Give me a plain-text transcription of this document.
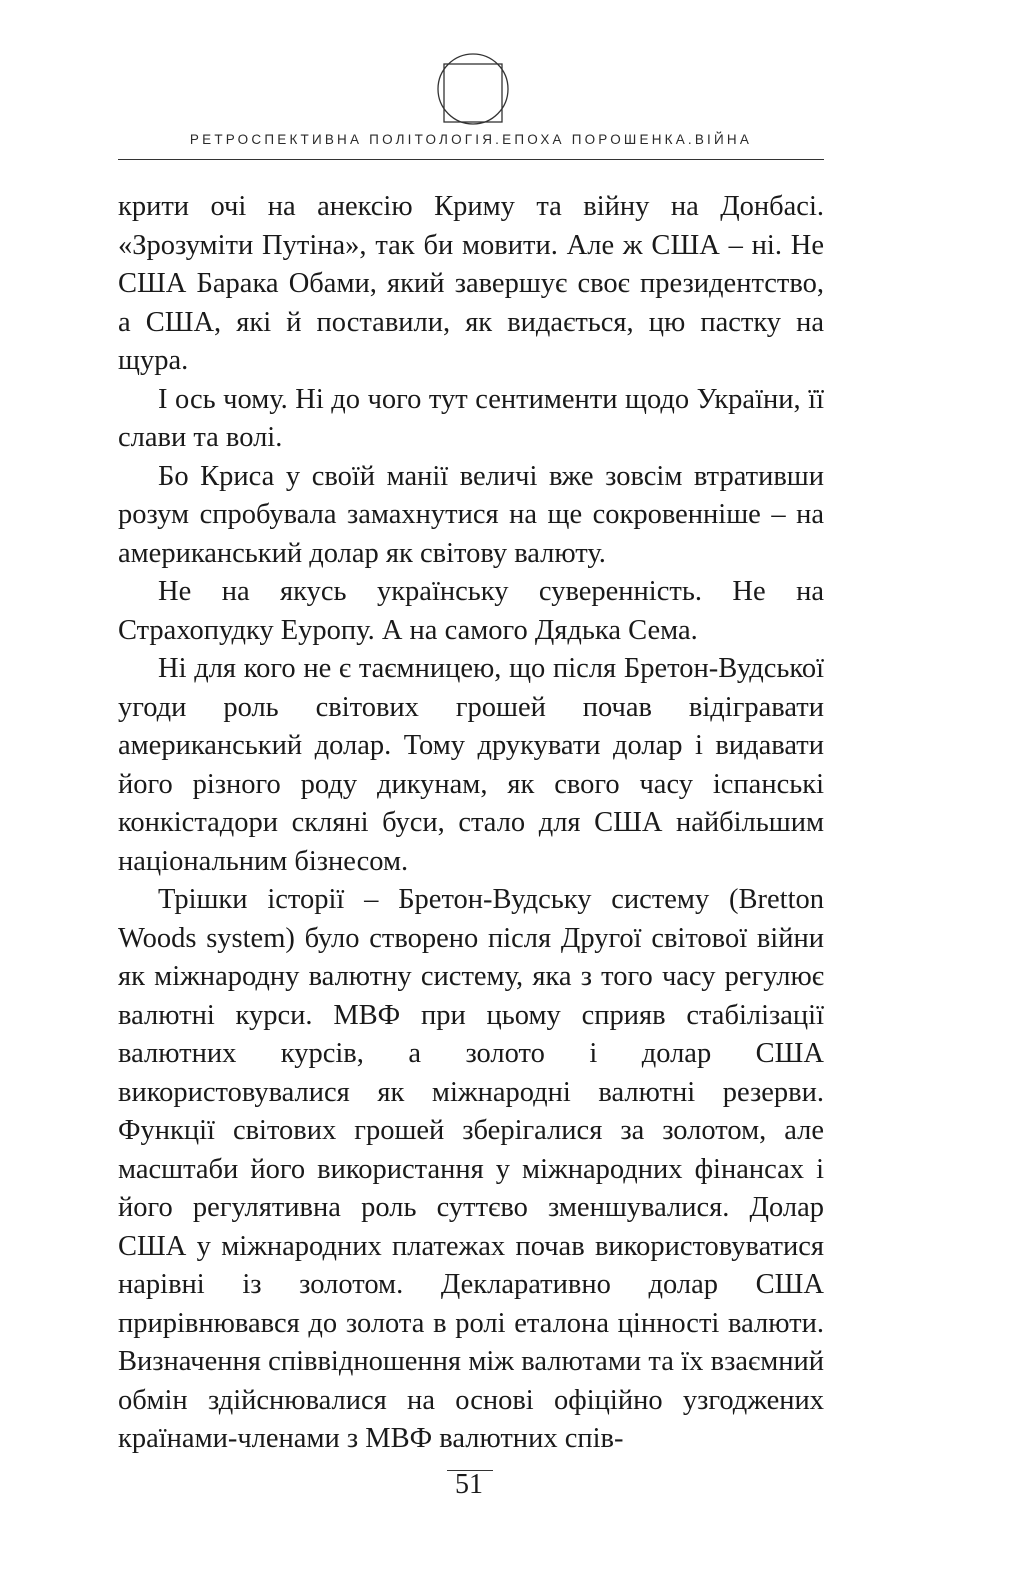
РЕТРОСПЕКТИВНА ПОЛІТОЛОГІЯ.ЕПОХА ПОРОШЕНКА.ВІЙНА

крити очі на анексію Криму та війну на Донбасі. «Зрозуміти Путіна», так би мовити. Але ж США – ні. Не США Барака Обами, який завершує своє президентство, а США, які й поставили, як видається, цю пастку на щура.

І ось чому. Ні до чого тут сентименти щодо України, її слави та волі.

Бо Криса у своїй манії величі вже зовсім втративши розум спробувала замахнутися на ще сокровенніше – на американський долар як світову валюту.

Не на якусь українську суверенність. Не на Страхопудку Еуропу. А на самого Дядька Сема.

Ні для кого не є таємницею, що після Бретон-Вудської угоди роль світових грошей почав відігравати американський долар. Тому друкувати долар і видавати його різного роду дикунам, як свого часу іспанські конкістадори скляні буси, стало для США найбільшим національним бізнесом.

Трішки історії – Бретон-Вудську систему (Bretton Woods system) було створено після Другої світової війни як міжнародну валютну систему, яка з того часу регулює валютні курси. МВФ при цьому сприяв стабілізації валютних курсів, а золото і долар США використовувалися як міжнародні валютні резерви. Функції світових грошей зберігалися за золотом, але масштаби його використання у міжнародних фінансах і його регулятивна роль суттєво зменшувалися. Долар США у міжнародних платежах почав використовуватися нарівні із золотом. Декларативно долар США прирівнювався до золота в ролі еталона цінності валюти. Визначення співвідношення між валютами та їх взаємний обмін здійснювалися на основі офіційно узгоджених країнами-членами з МВФ валютних спів-

51
